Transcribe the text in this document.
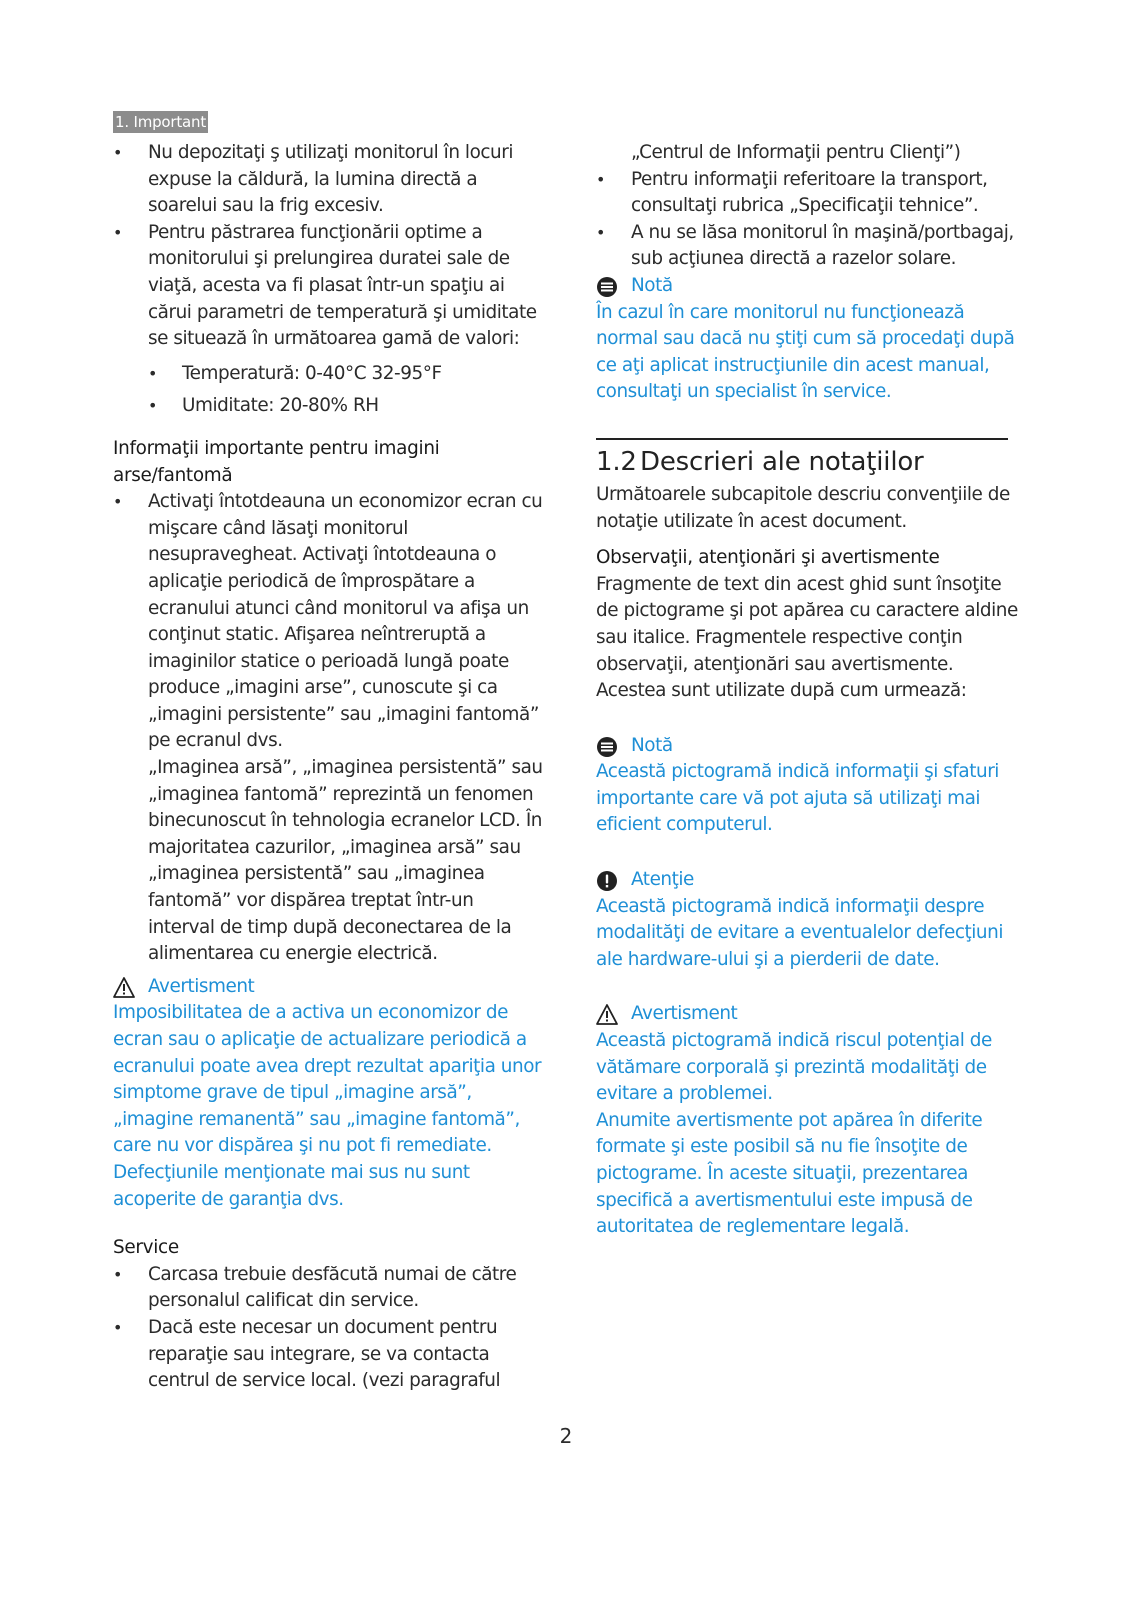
1. Important
• Nu depozitaţi ş utilizaţi monitorul în locuri expuse la căldură, la lumina directă a soarelui sau la frig excesiv.
• Pentru păstrarea funcţionării optime a monitorului şi prelungirea duratei sale de viaţă, acesta va fi plasat într-un spaţiu ai cărui parametri de temperatură şi umiditate se situează în următoarea gamă de valori:
• Temperatură: 0-40°C 32-95°F
• Umiditate: 20-80% RH
Informaţii importante pentru imagini arse/fantomă
• Activaţi întotdeauna un economizor ecran cu mişcare când lăsaţi monitorul nesupravegheat. Activaţi întotdeauna o aplicaţie periodică de împrospătare a ecranului atunci când monitorul va afişa un conţinut static. Afişarea neîntreruptă a imaginilor statice o perioadă lungă poate produce „imagini arse”, cunoscute şi ca „imagini persistente” sau „imagini fantomă” pe ecranul dvs.
„Imaginea arsă”, „imaginea persistentă” sau „imaginea fantomă” reprezintă un fenomen binecunoscut în tehnologia ecranelor LCD. În majoritatea cazurilor, „imaginea arsă” sau „imaginea persistentă” sau „imaginea fantomă” vor dispărea treptat într-un interval de timp după deconectarea de la alimentarea cu energie electrică.
Avertisment
Imposibilitatea de a activa un economizor de ecran sau o aplicaţie de actualizare periodică a ecranului poate avea drept rezultat apariţia unor simptome grave de tipul „imagine arsă”, „imagine remanentă” sau „imagine fantomă”, care nu vor dispărea şi nu pot fi remediate. Defecţiunile menţionate mai sus nu sunt acoperite de garanţia dvs.
Service
• Carcasa trebuie desfăcută numai de către personalul calificat din service.
• Dacă este necesar un document pentru reparaţie sau integrare, se va contacta centrul de service local. (vezi paragraful
„Centrul de Informaţii pentru Clienţi”)
• Pentru informaţii referitoare la transport, consultaţi rubrica „Specificaţii tehnice”.
• A nu se lăsa monitorul în maşină/portbagaj, sub acţiunea directă a razelor solare.
Notă
În cazul în care monitorul nu funcţionează normal sau dacă nu ştiţi cum să procedaţi după ce aţi aplicat instrucţiunile din acest manual, consultaţi un specialist în service.
1.2 Descrieri ale notaţiilor
Următoarele subcapitole descriu convenţiile de notaţie utilizate în acest document.
Observaţii, atenţionări şi avertismente
Fragmente de text din acest ghid sunt însoţite de pictograme şi pot apărea cu caractere aldine sau italice. Fragmentele respective conţin observaţii, atenţionări sau avertismente. Acestea sunt utilizate după cum urmează:
Notă
Această pictogramă indică informaţii şi sfaturi importante care vă pot ajuta să utilizaţi mai eficient computerul.
Atenţie
Această pictogramă indică informaţii despre modalităţi de evitare a eventualelor defecţiuni ale hardware-ului şi a pierderii de date.
Avertisment
Această pictogramă indică riscul potenţial de vătămare corporală şi prezintă modalităţi de evitare a problemei.
Anumite avertismente pot apărea în diferite formate şi este posibil să nu fie însoţite de pictograme. În aceste situaţii, prezentarea specifică a avertismentului este impusă de autoritatea de reglementare legală.
2
